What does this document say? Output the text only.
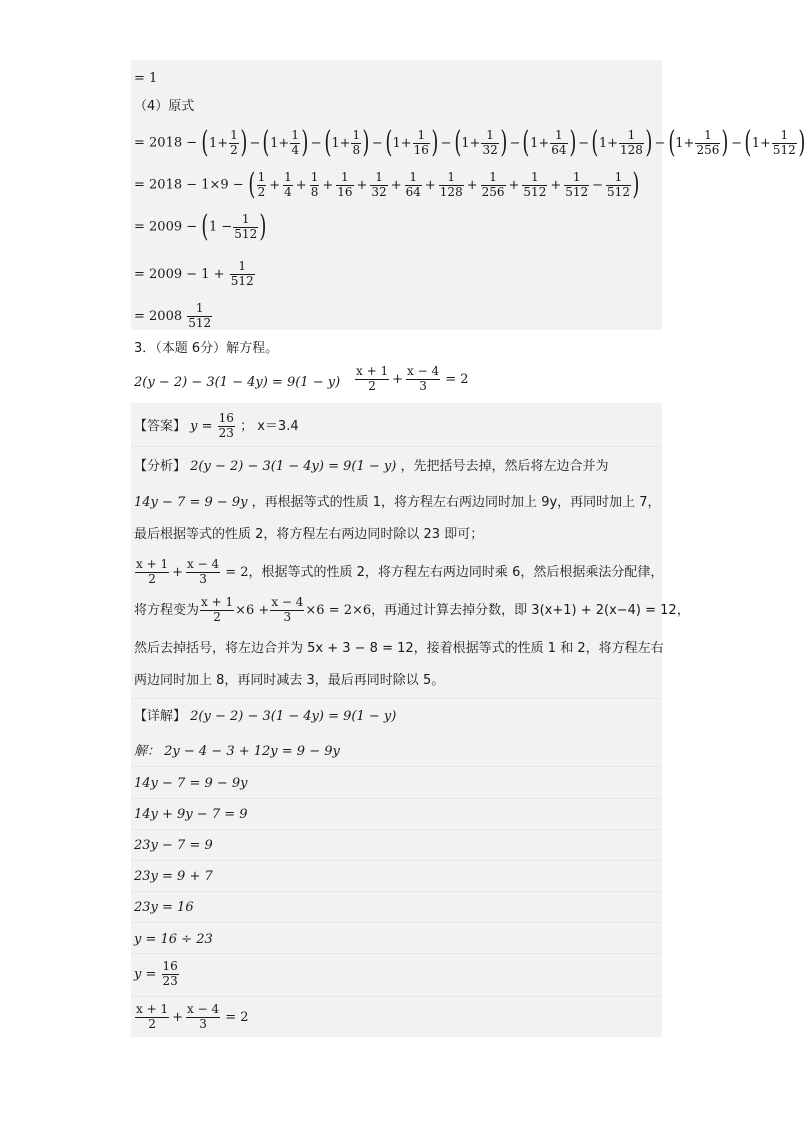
= 1
（4）原式
= $2018 - (1+ \frac{1}{2}$ ) $-(1+ \frac{1}{4}$ ) $-(1+ \frac{1}{8}$ ) $-(1+ \frac{1}{16}$ ) $-(1+ \frac{1}{32}$ ) $-(1+ \frac{1}{64}$ ) $-(1+ \frac{1}{128}$ ) $-(1+ \frac{1}{256}$ ) $-(1+ \frac{1}{512}$ )
= 2018 − 1×9 − ( $\frac{1}{2} + \frac{1}{4} + \frac{1}{8} + \frac{1}{16} + \frac{1}{32} + \frac{1}{64} + \frac{1}{128} + \frac{1}{256} + \frac{1}{512} + \frac{1}{512} - \frac{1}{512}$ )
= $2009 - (1 - \frac{1}{512}$ )
= $2009 - 1 + \frac{1}{512}$
= $2008 \frac{1}{512}$
3．（本题 6分）解方程。
$2(y - 2) - 3(1 - 4y) = 9(1 - y) \frac{x + 1}{2} + \frac{x - 4}{3} = 2$
【答案】 $y = \frac{16}{23}$ ； x＝3.4
【分析】 2(y − 2) − 3(1 − 4y) = 9(1 − y) ，先把括号去掉，然后将左边合并为
14y − 7 = 9 − 9y ，再根据等式的性质 1，将方程左右两边同时加上 9y，再同时加上 7，
最后根据等式的性质 2，将方程左右两边同时除以 23 即可；
$\frac{x + 1}{2} + \frac{x - 4}{3} = 2$，根据等式的性质 2，将方程左右两边同时乘 6，然后根据乘法分配律，
将方程变为 $\frac{x + 1}{2} \times 6 + \frac{x - 4}{3} \times 6 = 2\times 6$，再通过计算去掉分数，即 3(x+1) + 2(x−4) = 12，
然后去掉括号，将左边合并为 5x + 3 − 8 = 12，接着根据等式的性质 1 和 2，将方程左右
两边同时加上 8，再同时减去 3，最后再同时除以 5。
【详解】 2(y − 2) − 3(1 − 4y) = 9(1 − y)
解： 2y − 4 − 3 + 12y = 9 − 9y
14y − 7 = 9 − 9y
14y + 9y − 7 = 9
23y − 7 = 9
23y = 9 + 7
23y = 16
y = 16 ÷ 23
$y = \frac{16}{23}$
$\frac{x + 1}{2} + \frac{x - 4}{3} = 2$
